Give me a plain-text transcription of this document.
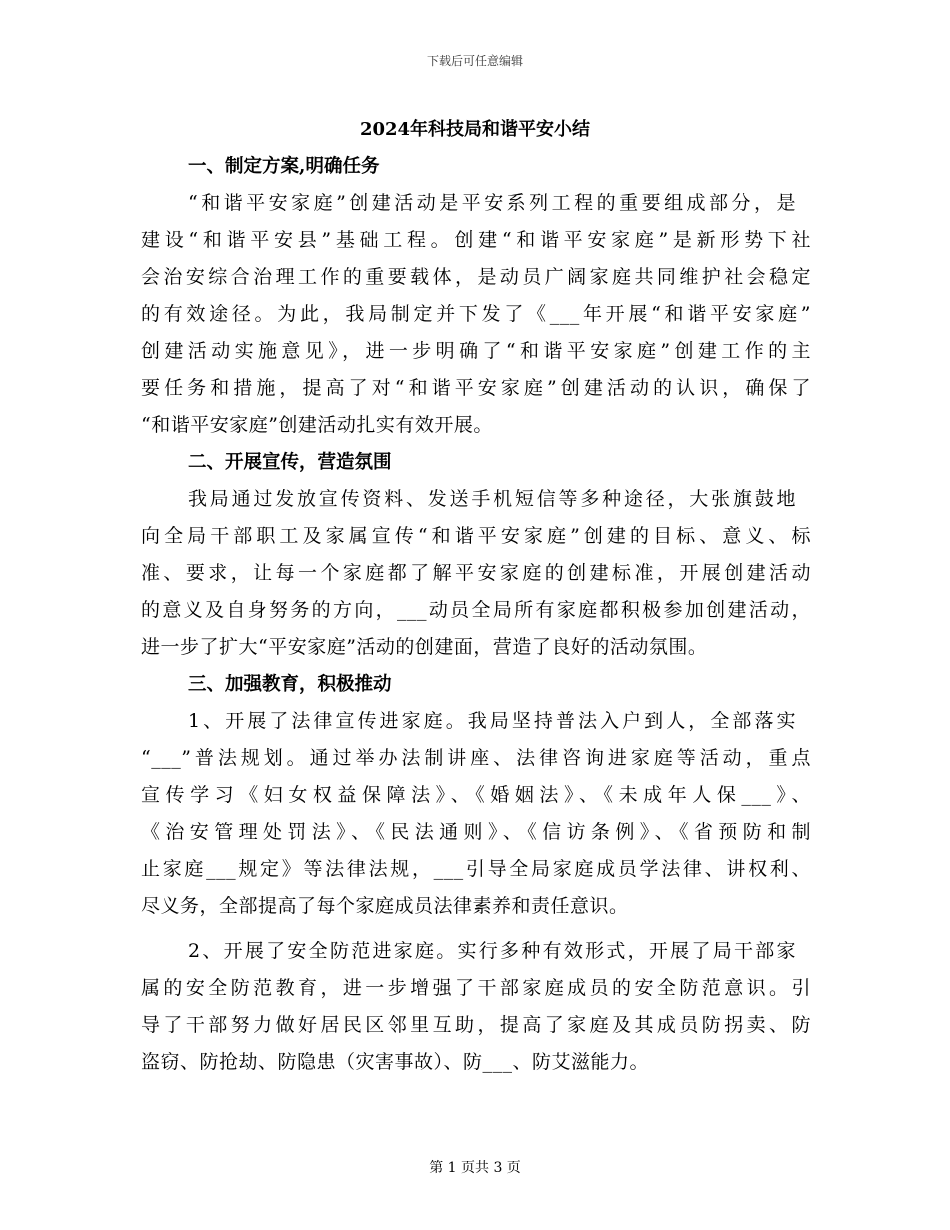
下载后可任意编辑
2024年科技局和谐平安小结
一、制定方案,明确任务
“和谐平安家庭”创建活动是平安系列工程的重要组成部分，是
建设“和谐平安县”基础工程。创建“和谐平安家庭”是新形势下社
会治安综合治理工作的重要载体，是动员广阔家庭共同维护社会稳定
的有效途径。为此，我局制定并下发了《___年开展“和谐平安家庭”
创建活动实施意见》，进一步明确了“和谐平安家庭”创建工作的主
要任务和措施，提高了对“和谐平安家庭”创建活动的认识，确保了
“和谐平安家庭”创建活动扎实有效开展。
二、开展宣传，营造氛围
我局通过发放宣传资料、发送手机短信等多种途径，大张旗鼓地
向全局干部职工及家属宣传“和谐平安家庭”创建的目标、意义、标
准、要求，让每一个家庭都了解平安家庭的创建标准，开展创建活动
的意义及自身努务的方向，___动员全局所有家庭都积极参加创建活动，
进一步了扩大“平安家庭”活动的创建面，营造了良好的活动氛围。
三、加强教育，积极推动
1、开展了法律宣传进家庭。我局坚持普法入户到人，全部落实
“___”普法规划。通过举办法制讲座、法律咨询进家庭等活动，重点
宣传学习《妇女权益保障法》、《婚姻法》、《未成年人保___》、
《治安管理处罚法》、《民法通则》、《信访条例》、《省预防和制
止家庭___规定》等法律法规，___引导全局家庭成员学法律、讲权利、
尽义务，全部提高了每个家庭成员法律素养和责任意识。
2、开展了安全防范进家庭。实行多种有效形式，开展了局干部家
属的安全防范教育，进一步增强了干部家庭成员的安全防范意识。引
导了干部努力做好居民区邻里互助，提高了家庭及其成员防拐卖、防
盗窃、防抢劫、防隐患（灾害事故）、防___、防艾滋能力。
第 1 页共 3 页
